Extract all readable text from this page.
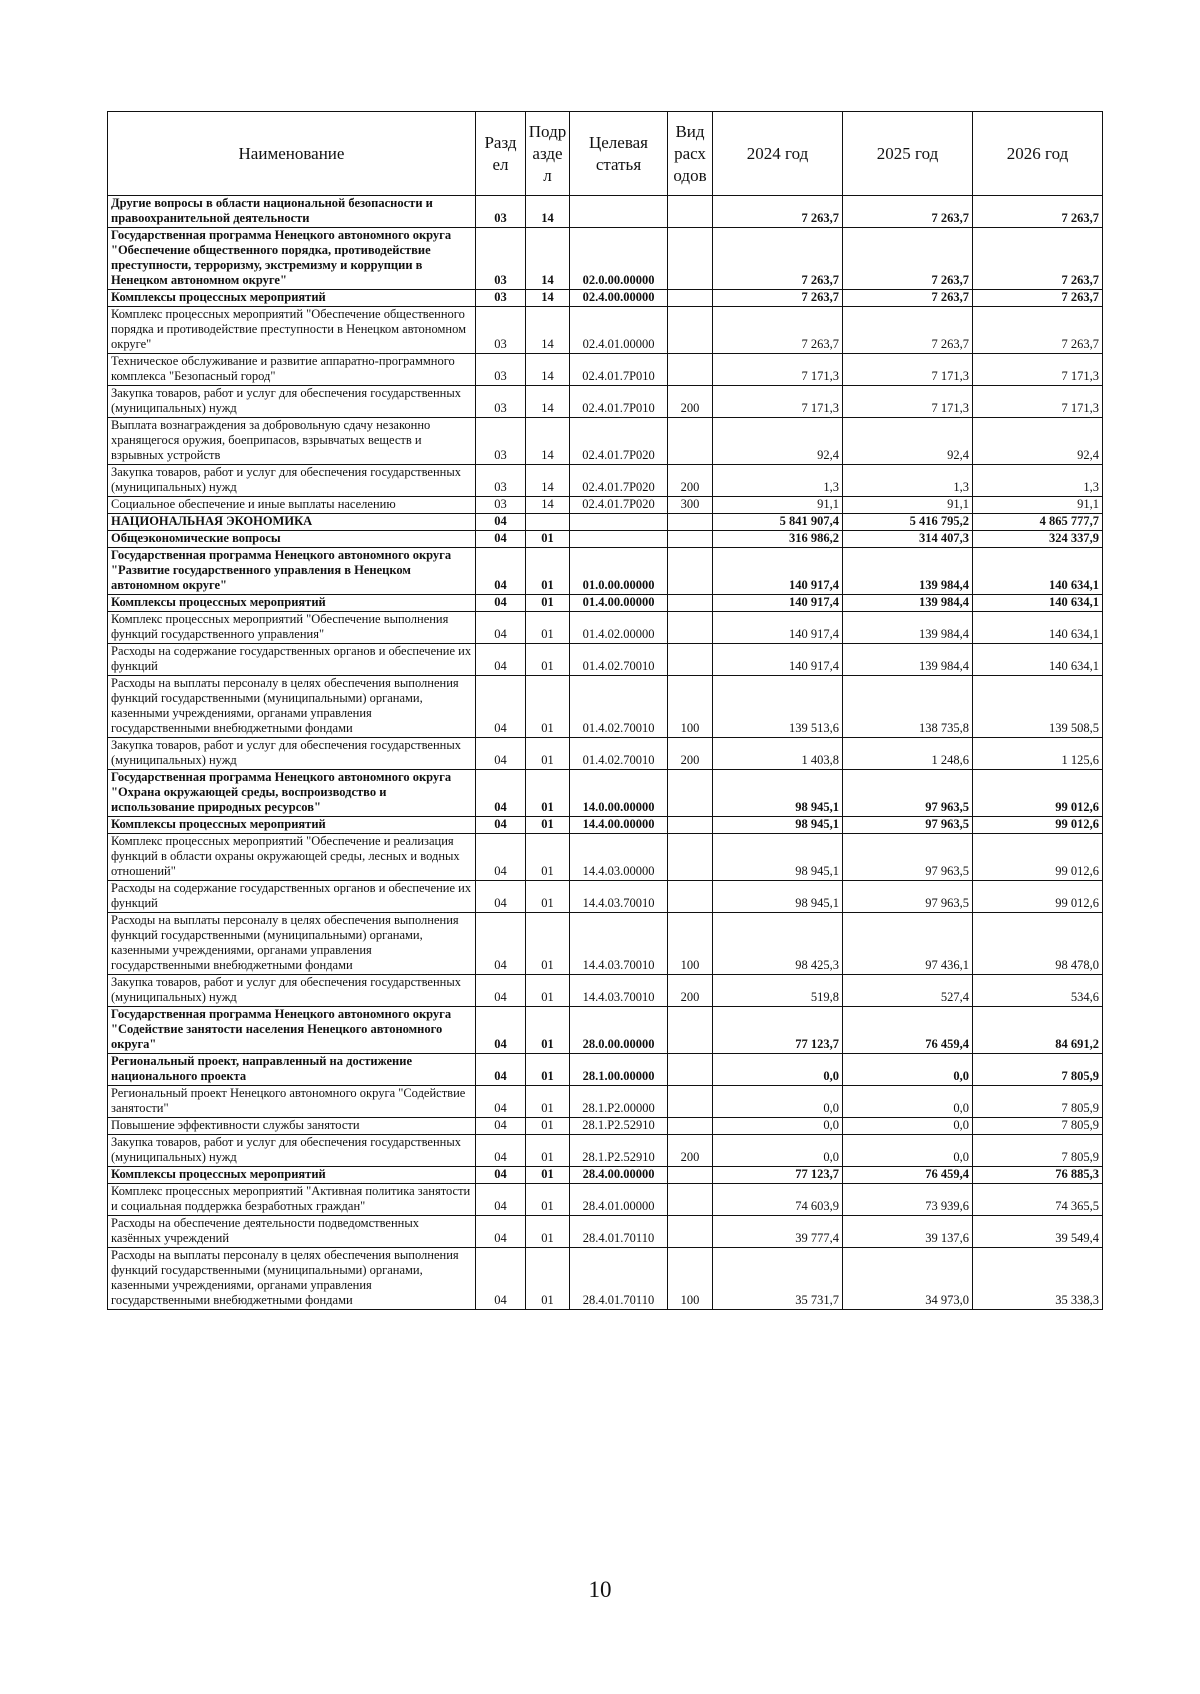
Наименование	Разд ел	Подр азде л	Целевая статья	Вид расх одов	2024 год	2025 год	2026 год
Другие вопросы в области национальной безопасности и правоохранительной деятельности	03	14			7 263,7	7 263,7	7 263,7
Государственная программа Ненецкого автономного округа "Обеспечение общественного порядка, противодействие преступности, терроризму, экстремизму и коррупции в Ненецком автономном округе"	03	14	02.0.00.00000		7 263,7	7 263,7	7 263,7
Комплексы процессных мероприятий	03	14	02.4.00.00000		7 263,7	7 263,7	7 263,7
Комплекс процессных мероприятий "Обеспечение общественного порядка и противодействие преступности в Ненецком автономном округе"	03	14	02.4.01.00000		7 263,7	7 263,7	7 263,7
Техническое обслуживание и развитие аппаратно-программного комплекса "Безопасный город"	03	14	02.4.01.7Р010		7 171,3	7 171,3	7 171,3
Закупка товаров, работ и услуг для обеспечения государственных (муниципальных) нужд	03	14	02.4.01.7Р010	200	7 171,3	7 171,3	7 171,3
Выплата вознаграждения за добровольную сдачу незаконно хранящегося оружия, боеприпасов, взрывчатых веществ и взрывных устройств	03	14	02.4.01.7Р020		92,4	92,4	92,4
Закупка товаров, работ и услуг для обеспечения государственных (муниципальных) нужд	03	14	02.4.01.7Р020	200	1,3	1,3	1,3
Социальное обеспечение и иные выплаты населению	03	14	02.4.01.7Р020	300	91,1	91,1	91,1
НАЦИОНАЛЬНАЯ ЭКОНОМИКА	04				5 841 907,4	5 416 795,2	4 865 777,7
Общеэкономические вопросы	04	01			316 986,2	314 407,3	324 337,9
Государственная программа Ненецкого автономного округа "Развитие государственного управления в Ненецком автономном округе"	04	01	01.0.00.00000		140 917,4	139 984,4	140 634,1
Комплексы процессных мероприятий	04	01	01.4.00.00000		140 917,4	139 984,4	140 634,1
Комплекс процессных мероприятий "Обеспечение выполнения функций государственного управления"	04	01	01.4.02.00000		140 917,4	139 984,4	140 634,1
Расходы на содержание государственных органов и обеспечение их функций	04	01	01.4.02.70010		140 917,4	139 984,4	140 634,1
Расходы на выплаты персоналу в целях обеспечения выполнения функций государственными (муниципальными) органами, казенными учреждениями, органами управления государственными внебюджетными фондами	04	01	01.4.02.70010	100	139 513,6	138 735,8	139 508,5
Закупка товаров, работ и услуг для обеспечения государственных (муниципальных) нужд	04	01	01.4.02.70010	200	1 403,8	1 248,6	1 125,6
Государственная программа Ненецкого автономного округа "Охрана окружающей среды, воспроизводство и использование природных ресурсов"	04	01	14.0.00.00000		98 945,1	97 963,5	99 012,6
Комплексы процессных мероприятий	04	01	14.4.00.00000		98 945,1	97 963,5	99 012,6
Комплекс процессных мероприятий "Обеспечение и реализация функций в области охраны окружающей среды, лесных и водных отношений"	04	01	14.4.03.00000		98 945,1	97 963,5	99 012,6
Расходы на содержание государственных органов и обеспечение их функций	04	01	14.4.03.70010		98 945,1	97 963,5	99 012,6
Расходы на выплаты персоналу в целях обеспечения выполнения функций государственными (муниципальными) органами, казенными учреждениями, органами управления государственными внебюджетными фондами	04	01	14.4.03.70010	100	98 425,3	97 436,1	98 478,0
Закупка товаров, работ и услуг для обеспечения государственных (муниципальных) нужд	04	01	14.4.03.70010	200	519,8	527,4	534,6
Государственная программа Ненецкого автономного округа "Содействие занятости населения Ненецкого автономного округа"	04	01	28.0.00.00000		77 123,7	76 459,4	84 691,2
Региональный проект, направленный на достижение национального проекта	04	01	28.1.00.00000		0,0	0,0	7 805,9
Региональный проект Ненецкого автономного округа "Содействие занятости"	04	01	28.1.Р2.00000		0,0	0,0	7 805,9
Повышение эффективности службы занятости	04	01	28.1.Р2.52910		0,0	0,0	7 805,9
Закупка товаров, работ и услуг для обеспечения государственных (муниципальных) нужд	04	01	28.1.Р2.52910	200	0,0	0,0	7 805,9
Комплексы процессных мероприятий	04	01	28.4.00.00000		77 123,7	76 459,4	76 885,3
Комплекс процессных мероприятий "Активная политика занятости и социальная поддержка безработных граждан"	04	01	28.4.01.00000		74 603,9	73 939,6	74 365,5
Расходы на обеспечение деятельности подведомственных казённых учреждений	04	01	28.4.01.70110		39 777,4	39 137,6	39 549,4
Расходы на выплаты персоналу в целях обеспечения выполнения функций государственными (муниципальными) органами, казенными учреждениями, органами управления государственными внебюджетными фондами	04	01	28.4.01.70110	100	35 731,7	34 973,0	35 338,3
10
